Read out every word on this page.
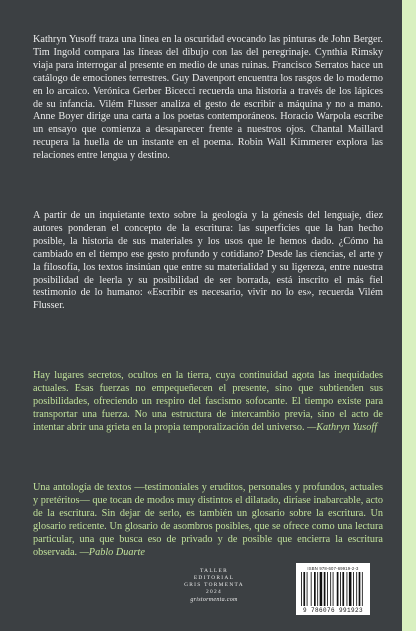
Kathryn Yusoff traza una línea en la oscuridad evocando las pinturas de John Berger. Tim Ingold compara las líneas del dibujo con las del peregrinaje. Cynthia Rimsky viaja para interrogar al presente en medio de unas ruinas. Francisco Serratos hace un catálogo de emociones terrestres. Guy Davenport encuentra los rasgos de lo moderno en lo arcaico. Verónica Gerber Bicecci recuerda una historia a través de los lápices de su infancia. Vilém Flusser analiza el gesto de escribir a máquina y no a mano. Anne Boyer dirige una carta a los poetas contemporáneos. Horacio Warpola escribe un ensayo que comienza a desaparecer frente a nuestros ojos. Chantal Maillard recupera la huella de un instante en el poema. Robin Wall Kimmerer explora las relaciones entre lengua y destino.

A partir de un inquietante texto sobre la geología y la génesis del lenguaje, diez autores ponderan el concepto de la escritura: las superficies que la han hecho posible, la historia de sus materiales y los usos que le hemos dado. ¿Cómo ha cambiado en el tiempo ese gesto profundo y cotidiano? Desde las ciencias, el arte y la filosofía, los textos insinúan que entre su materialidad y su ligereza, entre nuestra posibilidad de leerla y su posibilidad de ser borrada, está inscrito el más fiel testimonio de lo humano: «Escribir es necesario, vivir no lo es», recuerda Vilém Flusser.

Hay lugares secretos, ocultos en la tierra, cuya continuidad agota las inequidades actuales. Esas fuerzas no empequeñecen el presente, sino que subtienden sus posibilidades, ofreciendo un respiro del fascismo sofocante. El tiempo existe para transportar una fuerza. No una estructura de intercambio previa, sino el acto de intentar abrir una grieta en la propia temporalización del universo. —Kathryn Yusoff

Una antología de textos —testimoniales y eruditos, personales y profundos, actuales y pretéritos— que tocan de modos muy distintos el dilatado, diríase inabarcable, acto de la escritura. Sin dejar de serlo, es también un glosario sobre la escritura. Un glosario reticente. Un glosario de asombros posibles, que se ofrece como una lectura particular, una que busca eso de privado y de posible que encierra la escritura observada. —Pablo Duarte

TALLER EDITORIAL
GRIS TORMENTA
2024
gristormenta.com
ISBN 978-607-69919-2-3
9 786076 991923
